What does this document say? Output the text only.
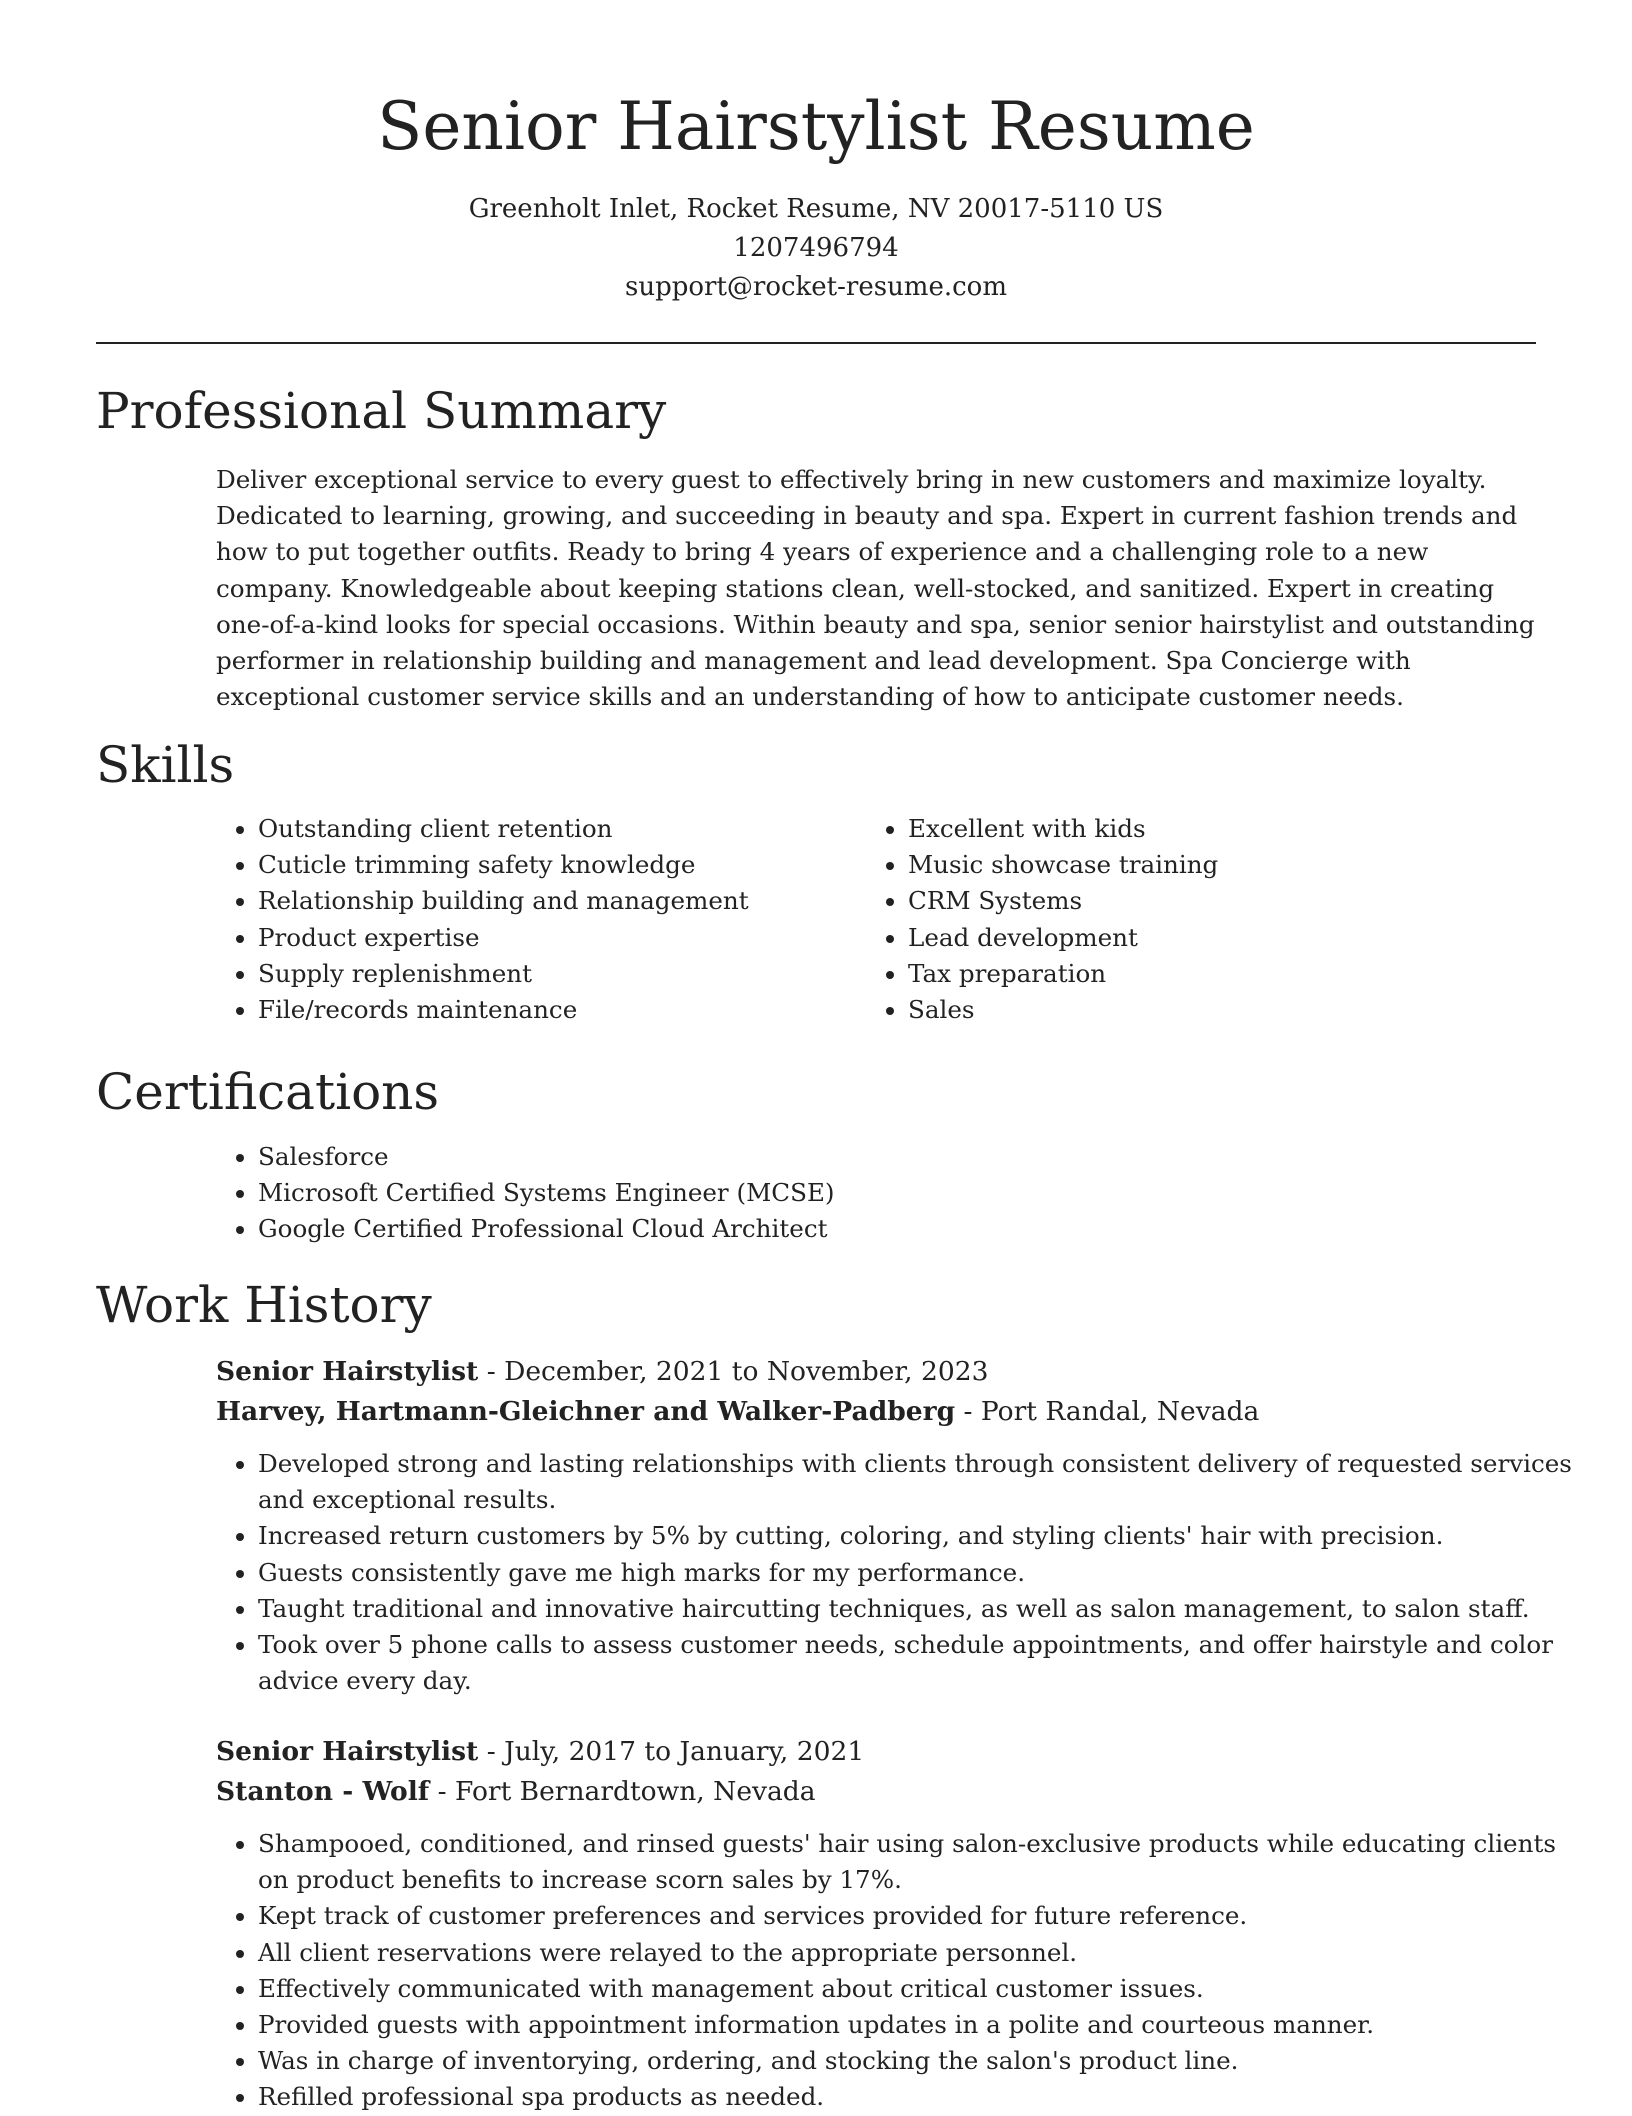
Senior Hairstylist Resume
Greenholt Inlet, Rocket Resume, NV 20017-5110 US
1207496794
support@rocket-resume.com
Professional Summary

Deliver exceptional service to every guest to effectively bring in new customers and maximize loyalty. Dedicated to learning, growing, and succeeding in beauty and spa. Expert in current fashion trends and how to put together outfits. Ready to bring 4 years of experience and a challenging role to a new company. Knowledgeable about keeping stations clean, well-stocked, and sanitized. Expert in creating one-of-a-kind looks for special occasions. Within beauty and spa, senior senior hairstylist and outstanding performer in relationship building and management and lead development. Spa Concierge with exceptional customer service skills and an understanding of how to anticipate customer needs.

Skills
• Outstanding client retention
• Cuticle trimming safety knowledge
• Relationship building and management
• Product expertise
• Supply replenishment
• File/records maintenance
• Excellent with kids
• Music showcase training
• CRM Systems
• Lead development
• Tax preparation
• Sales
Certifications
• Salesforce
• Microsoft Certified Systems Engineer (MCSE)
• Google Certified Professional Cloud Architect
Work History
Senior Hairstylist - December, 2021 to November, 2023
Harvey, Hartmann-Gleichner and Walker-Padberg - Port Randal, Nevada
• Developed strong and lasting relationships with clients through consistent delivery of requested services and exceptional results.
• Increased return customers by 5% by cutting, coloring, and styling clients' hair with precision.
• Guests consistently gave me high marks for my performance.
• Taught traditional and innovative haircutting techniques, as well as salon management, to salon staff.
• Took over 5 phone calls to assess customer needs, schedule appointments, and offer hairstyle and color advice every day.
Senior Hairstylist - July, 2017 to January, 2021
Stanton - Wolf - Fort Bernardtown, Nevada
• Shampooed, conditioned, and rinsed guests' hair using salon-exclusive products while educating clients on product benefits to increase scorn sales by 17%.
• Kept track of customer preferences and services provided for future reference.
• All client reservations were relayed to the appropriate personnel.
• Effectively communicated with management about critical customer issues.
• Provided guests with appointment information updates in a polite and courteous manner.
• Was in charge of inventorying, ordering, and stocking the salon's product line.
• Refilled professional spa products as needed.
